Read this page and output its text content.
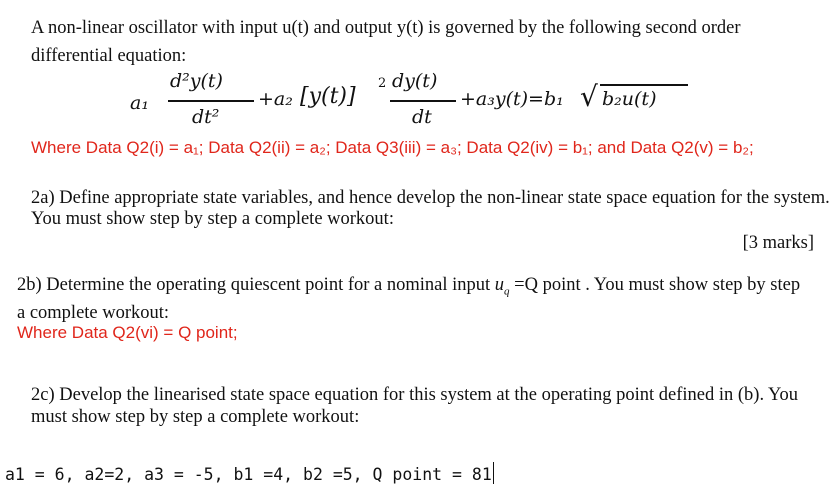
A non-linear oscillator with input u(t) and output y(t) is governed by the following second order
differential equation:
a₁
d²y(t)
dt²
+a₂ [y(t)]
2 dy(t)
dt
+a₃y(t)=b₁ √ b₂u(t)
Where Data Q2(i) = a₁; Data Q2(ii) = a₂; Data Q3(iii) = a₃; Data Q2(iv) = b₁; and Data Q2(v) = b₂;
2a) Define appropriate state variables, and hence develop the non-linear state space equation for the system.
You must show step by step a complete workout:
[3 marks]
2b) Determine the operating quiescent point for a nominal input $u_q =Q$ point . You must show step by step
a complete workout:
Where Data Q2(vi) = Q point;
2c) Develop the linearised state space equation for this system at the operating point defined in (b). You
must show step by step a complete workout:
a1 = 6, a2=2, a3 = -5, b1 =4, b2 =5, Q point = 81
